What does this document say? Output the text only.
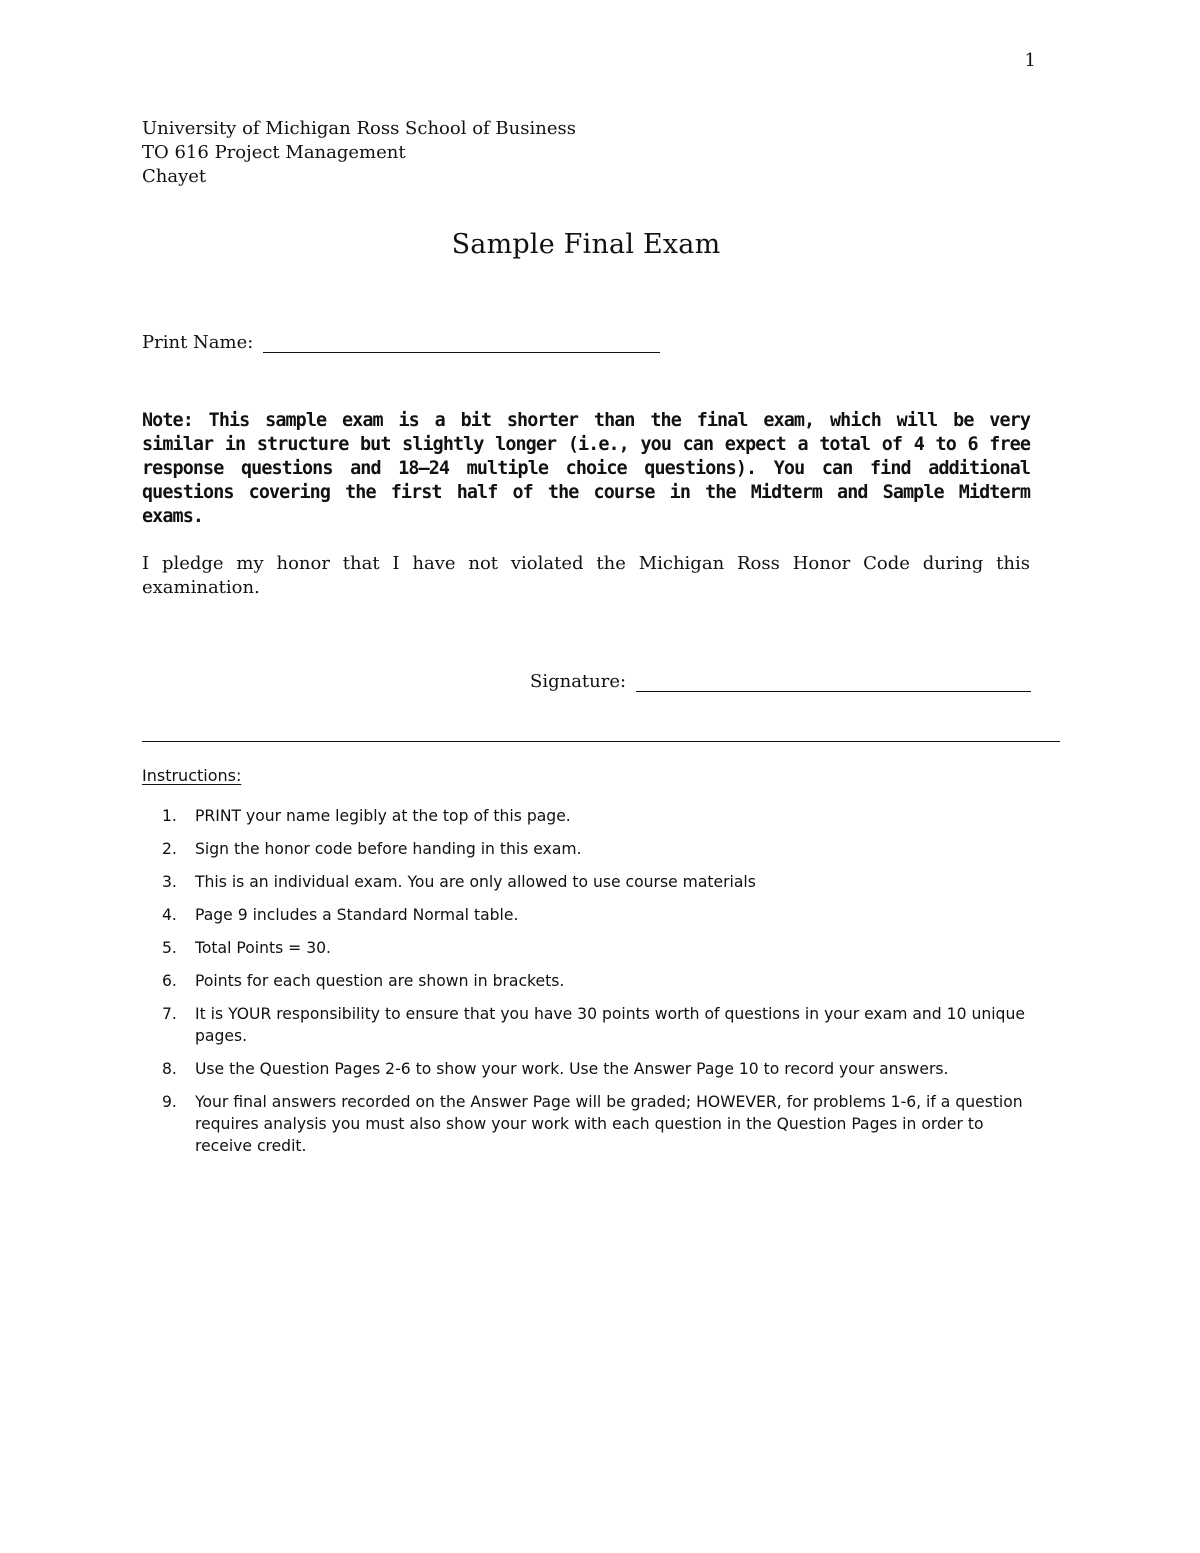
1
University of Michigan Ross School of Business
TO 616 Project Management
Chayet
Sample Final Exam
Print Name:
Note: This sample exam is a bit shorter than the final exam, which will be very similar in structure but slightly longer (i.e., you can expect a total of 4 to 6 free response questions and 18–24 multiple choice questions). You can find additional questions covering the first half of the course in the Midterm and Sample Midterm exams.
I pledge my honor that I have not violated the Michigan Ross Honor Code during this examination.
Signature:
Instructions:
1.	PRINT your name legibly at the top of this page.
2.	Sign the honor code before handing in this exam.
3.	This is an individual exam. You are only allowed to use course materials
4.	Page 9 includes a Standard Normal table.
5.	Total Points = 30.
6.	Points for each question are shown in brackets.
7.	It is YOUR responsibility to ensure that you have 30 points worth of questions in your exam and 10 unique pages.
8.	Use the Question Pages 2-6 to show your work. Use the Answer Page 10 to record your answers.
9.	Your final answers recorded on the Answer Page will be graded; HOWEVER, for problems 1-6, if a question requires analysis you must also show your work with each question in the Question Pages in order to receive credit.
